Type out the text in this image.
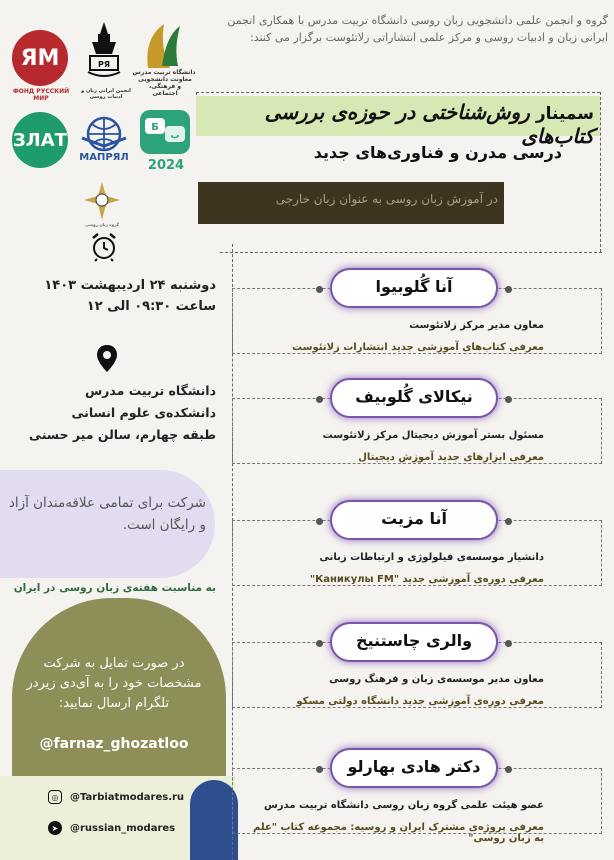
ЯМ
ФОНД РУССКИЙ МИР
PЯ
انجمن ایرانی زبان و ادبیات روسی
دانشگاه تربیت مدرس
معاونت دانشجویی و فرهنگی، اجتماعی
ЗЛАТ
МАПРЯЛ
Б
ب
2024
گروه زبان روسی
دوشنبه ۲۴ اردیبهشت ۱۴۰۳
ساعت ۰۹:۳۰ الی ۱۲
دانشگاه تربیت مدرس
دانشکده‌ی علوم انسانی
طبقه چهارم، سالن میر حسنی
شرکت برای تمامی علاقه‌مندان آزاد و رایگان است.
به مناسبت هفته‌ی زبان روسی در ایران
در صورت تمایل به شرکت مشخصات خود را به آی‌دی زیردر تلگرام ارسال نمایید:
@farnaz_ghozatloo
◎	@Tarbiatmodares.ru
➤	@russian_modares
گروه و انجمن علمی دانشجویی زبان روسی دانشگاه تربیت مدرس با همکاری انجمن ایرانی زبان و ادبیات روسی و مرکز علمی انتشاراتی زلاتئوست برگزار می کنند:
سمینار روش‌شناختی در حوزه‌ی بررسی کتاب‌های
درسی مدرن و فناوری‌های جدید
در آموزش زبان روسی به عنوان زبان خارجی
آنا گُلوبیوا
معاون مدیر مرکز زلاتئوست
معرفی کتاب‌های آموزشی جدید انتشارات زلاتئوست
نیکالای گُلوبیف
مسئول بستر آموزش دیجیتال مرکز زلاتئوست
معرفی ابزارهای جدید آموزش دیجیتال
آنا مزیت
دانشیار موسسه‌ی فیلولوژی و ارتباطات زبانی
معرفی دوره‌ی آموزشی جدید "Каникулы FM"
والری چاستنیخ
معاون مدیر موسسه‌ی زبان و فرهنگ روسی
معرفی دوره‌ی آموزشی جدید دانشگاه دولتی مسکو
دکتر هادی بهارلو
عضو هیئت علمی گروه زبان روسی دانشگاه تربیت مدرس
معرفی پروژه‌ی مشترک ایران و روسیه: مجموعه کتاب "علم به زبان روسی"
